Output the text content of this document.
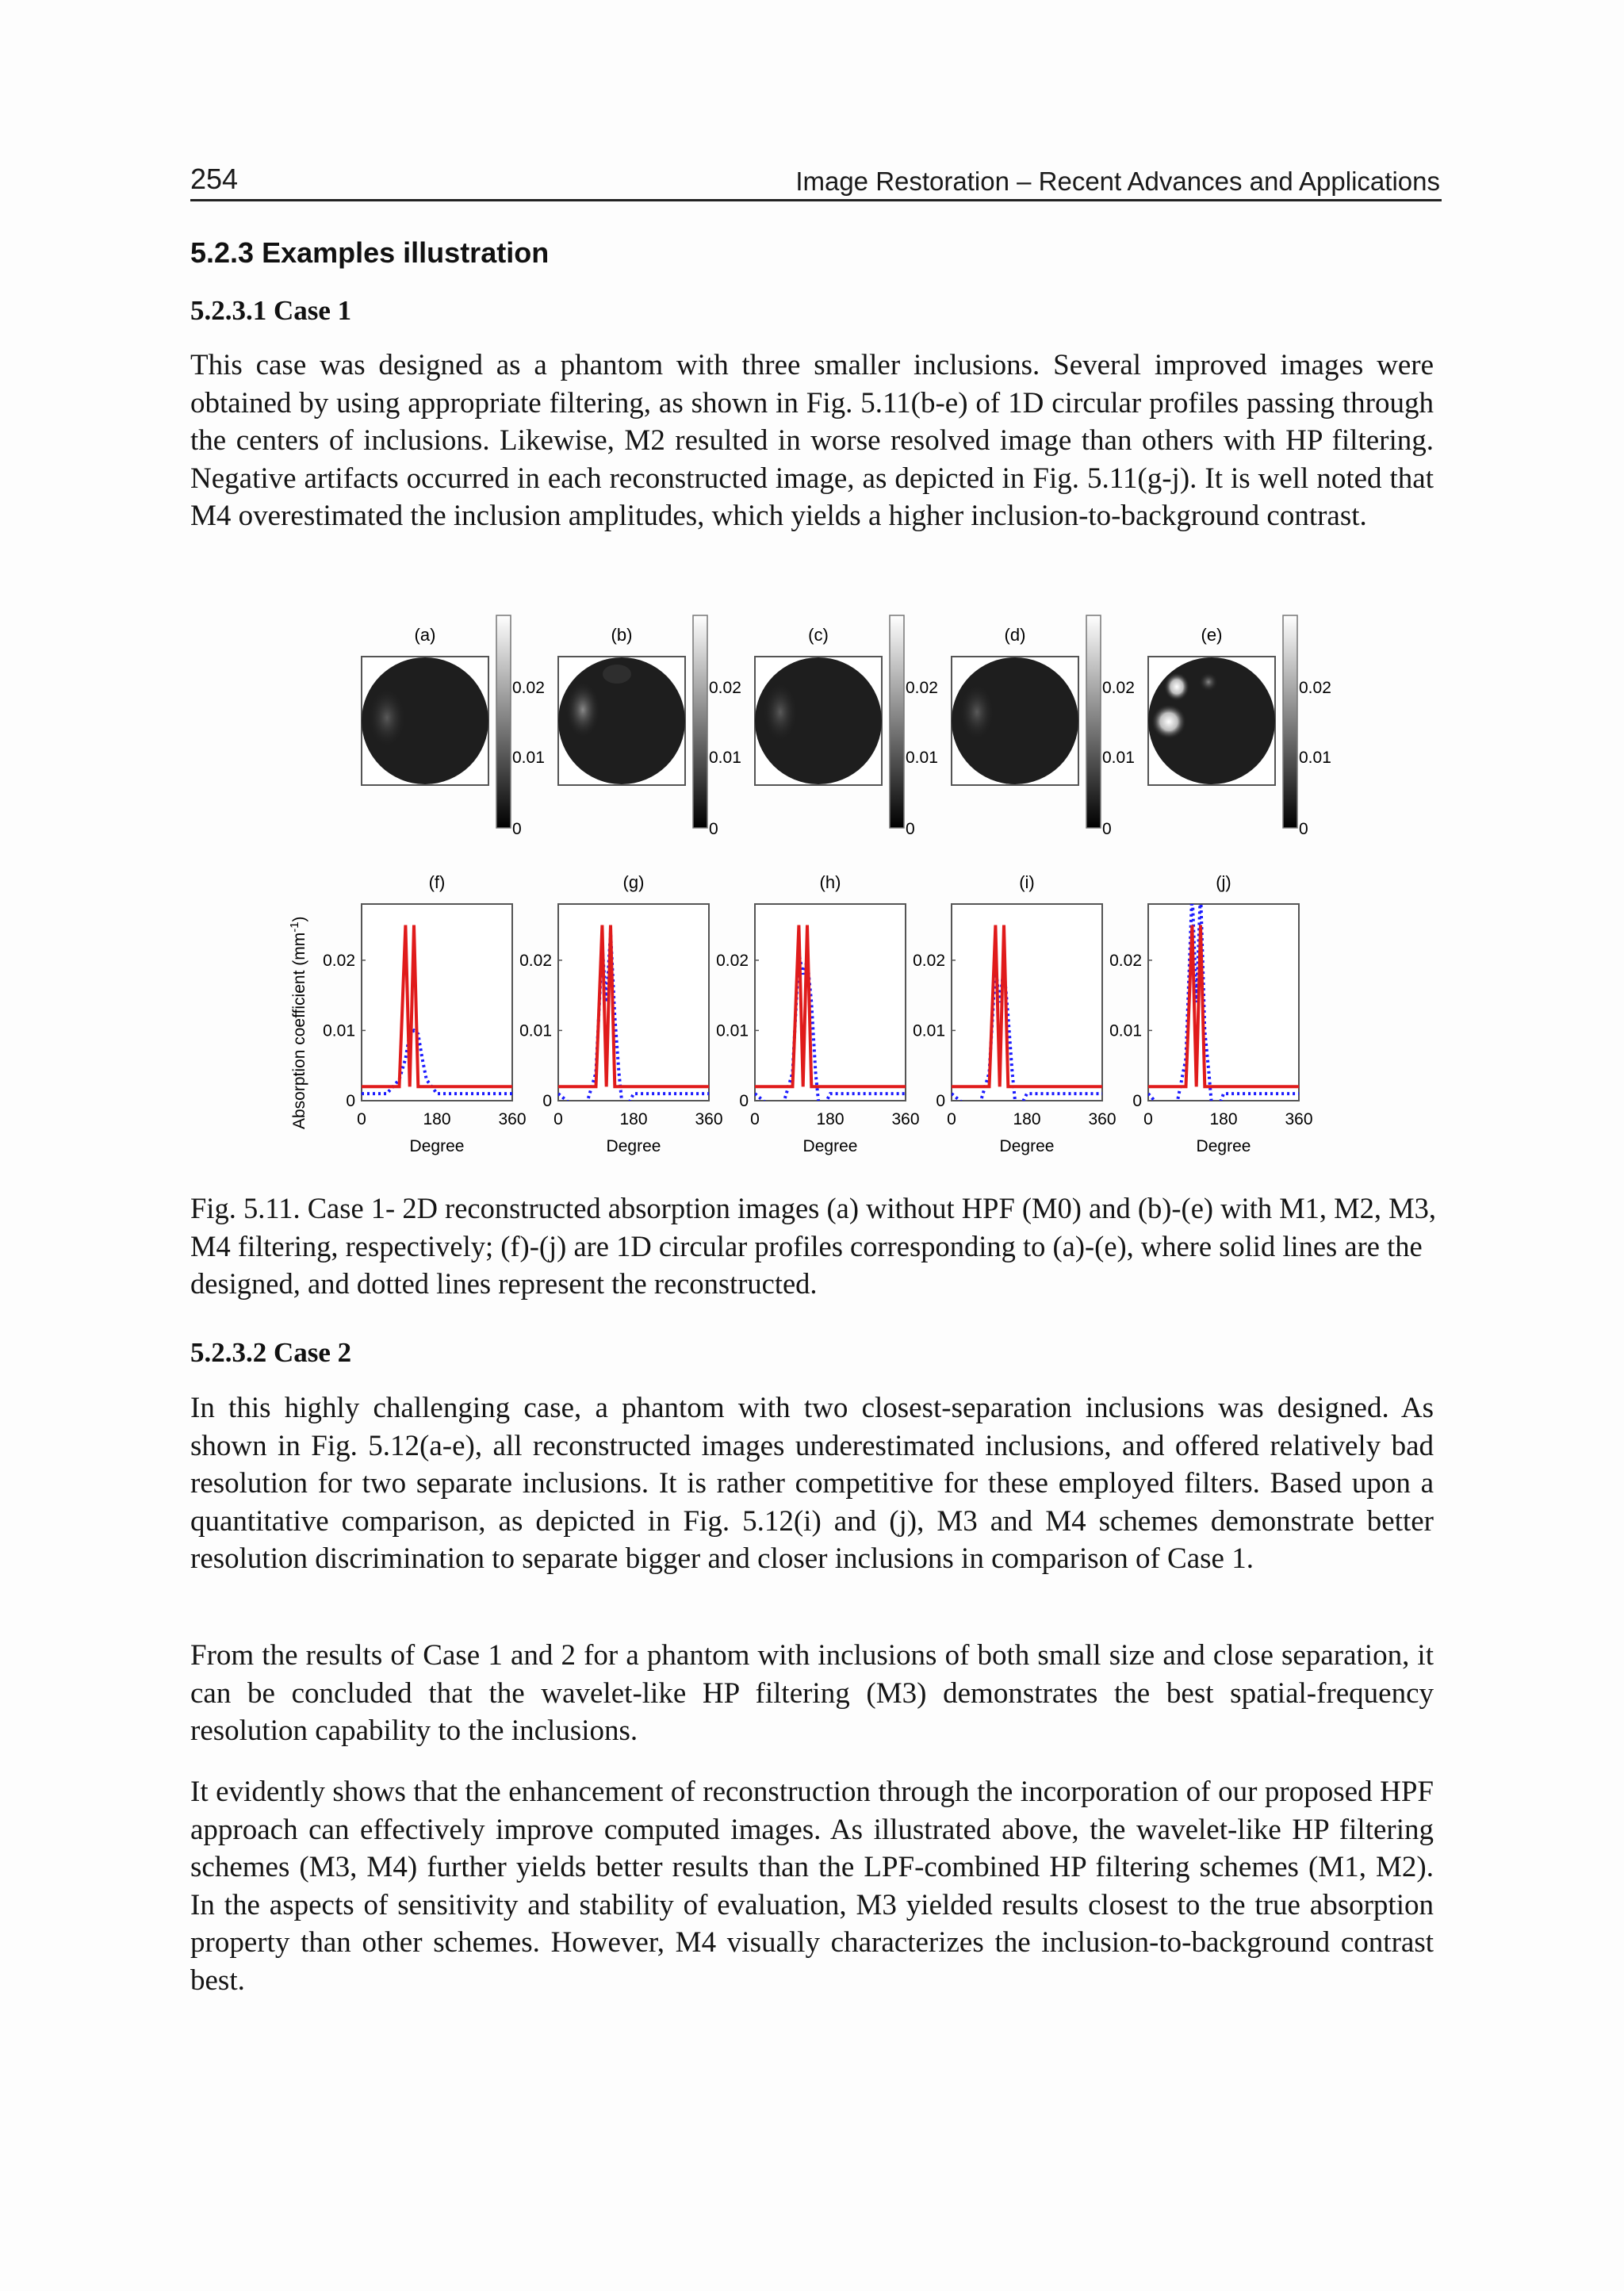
254	Image Restoration – Recent Advances and Applications
5.2.3 Examples illustration
5.2.3.1 Case 1

This case was designed as a phantom with three smaller inclusions. Several improved images were obtained by using appropriate filtering, as shown in Fig. 5.11(b-e) of 1D circular profiles passing through the centers of inclusions. Likewise, M2 resulted in worse resolved image than others with HP filtering. Negative artifacts occurred in each reconstructed image, as depicted in Fig. 5.11(g-j). It is well noted that M4 overestimated the inclusion amplitudes, which yields a higher inclusion-to-background contrast.

(a)
0.02
0.01
0
(b)
0.02
0.01
0
(c)
0.02
0.01
0
(d)
0.02
0.01
0
(e)
0.02
0.01
0
Absorption coefficient $(mm^{-1})$
(f)
0.02
0.01
0
0	180	360
Degree
(g)
0.02
0.01
0
0	180	360
Degree
(h)
0.02
0.01
0
0	180	360
Degree
(i)
0.02
0.01
0
0	180	360
Degree
(j)
0.02
0.01
0
0	180	360
Degree

Fig. 5.11. Case 1- 2D reconstructed absorption images (a) without HPF (M0) and (b)-(e) with M1, M2, M3, M4 filtering, respectively; (f)-(j) are 1D circular profiles corresponding to (a)-(e), where solid lines are the designed, and dotted lines represent the reconstructed.

5.2.3.2 Case 2

In this highly challenging case, a phantom with two closest-separation inclusions was designed. As shown in Fig. 5.12(a-e), all reconstructed images underestimated inclusions, and offered relatively bad resolution for two separate inclusions. It is rather competitive for these employed filters. Based upon a quantitative comparison, as depicted in Fig. 5.12(i) and (j), M3 and M4 schemes demonstrate better resolution discrimination to separate bigger and closer inclusions in comparison of Case 1.

From the results of Case 1 and 2 for a phantom with inclusions of both small size and close separation, it can be concluded that the wavelet-like HP filtering (M3) demonstrates the best spatial-frequency resolution capability to the inclusions.

It evidently shows that the enhancement of reconstruction through the incorporation of our proposed HPF approach can effectively improve computed images. As illustrated above, the wavelet-like HP filtering schemes (M3, M4) further yields better results than the LPF-combined HP filtering schemes (M1, M2). In the aspects of sensitivity and stability of evaluation, M3 yielded results closest to the true absorption property than other schemes. However, M4 visually characterizes the inclusion-to-background contrast best.
